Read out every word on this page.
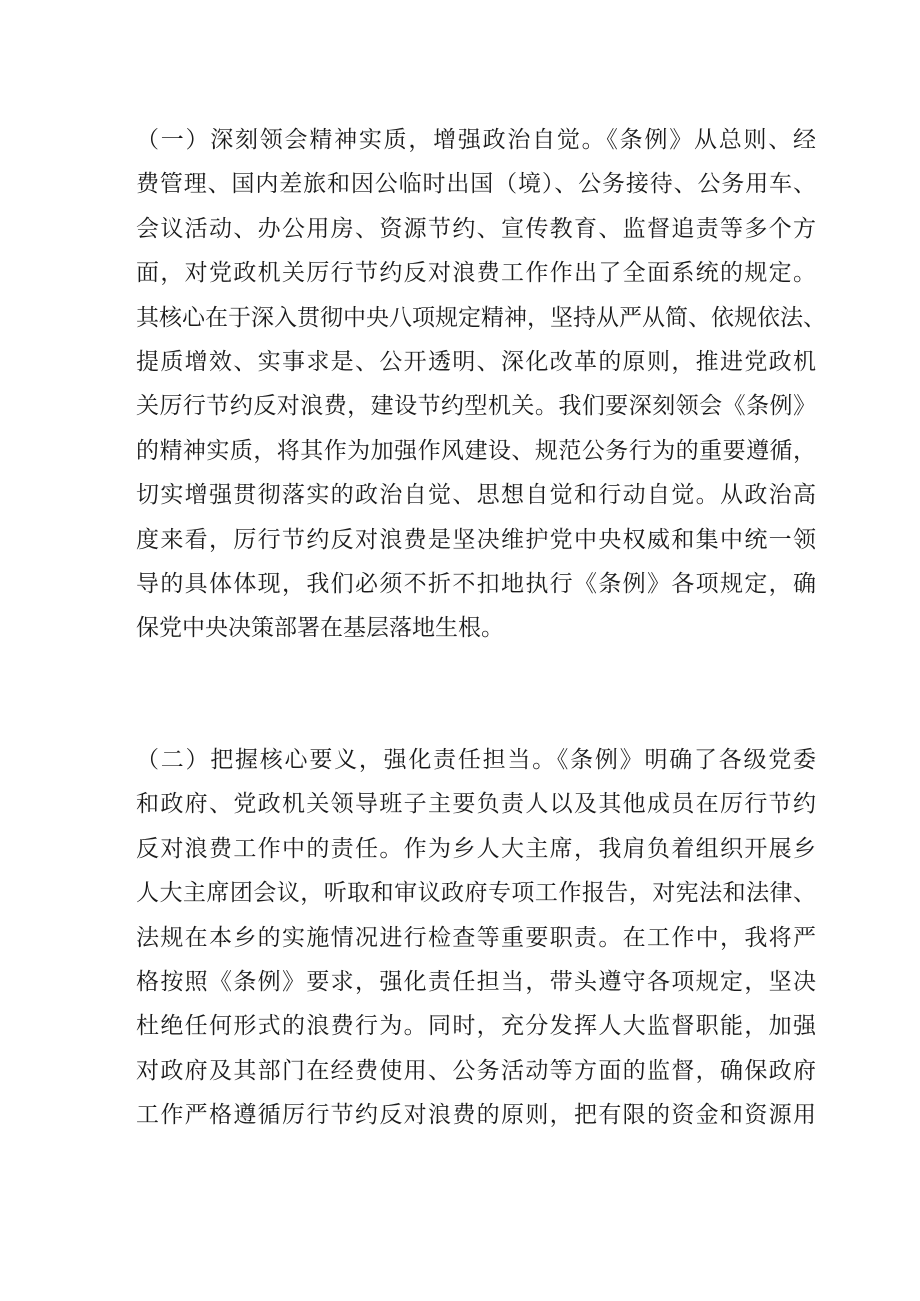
（一）深刻领会精神实质，增强政治自觉。《条例》从总则、经
费管理、国内差旅和因公临时出国（境）、公务接待、公务用车、
会议活动、办公用房、资源节约、宣传教育、监督追责等多个方
面，对党政机关厉行节约反对浪费工作作出了全面系统的规定。
其核心在于深入贯彻中央八项规定精神，坚持从严从简、依规依法、
提质增效、实事求是、公开透明、深化改革的原则，推进党政机
关厉行节约反对浪费，建设节约型机关。我们要深刻领会《条例》
的精神实质，将其作为加强作风建设、规范公务行为的重要遵循，
切实增强贯彻落实的政治自觉、思想自觉和行动自觉。从政治高
度来看，厉行节约反对浪费是坚决维护党中央权威和集中统一领
导的具体体现，我们必须不折不扣地执行《条例》各项规定，确
保党中央决策部署在基层落地生根。
（二）把握核心要义，强化责任担当。《条例》明确了各级党委
和政府、党政机关领导班子主要负责人以及其他成员在厉行节约
反对浪费工作中的责任。作为乡人大主席，我肩负着组织开展乡
人大主席团会议，听取和审议政府专项工作报告，对宪法和法律、
法规在本乡的实施情况进行检查等重要职责。在工作中，我将严
格按照《条例》要求，强化责任担当，带头遵守各项规定，坚决
杜绝任何形式的浪费行为。同时，充分发挥人大监督职能，加强
对政府及其部门在经费使用、公务活动等方面的监督，确保政府
工作严格遵循厉行节约反对浪费的原则，把有限的资金和资源用
